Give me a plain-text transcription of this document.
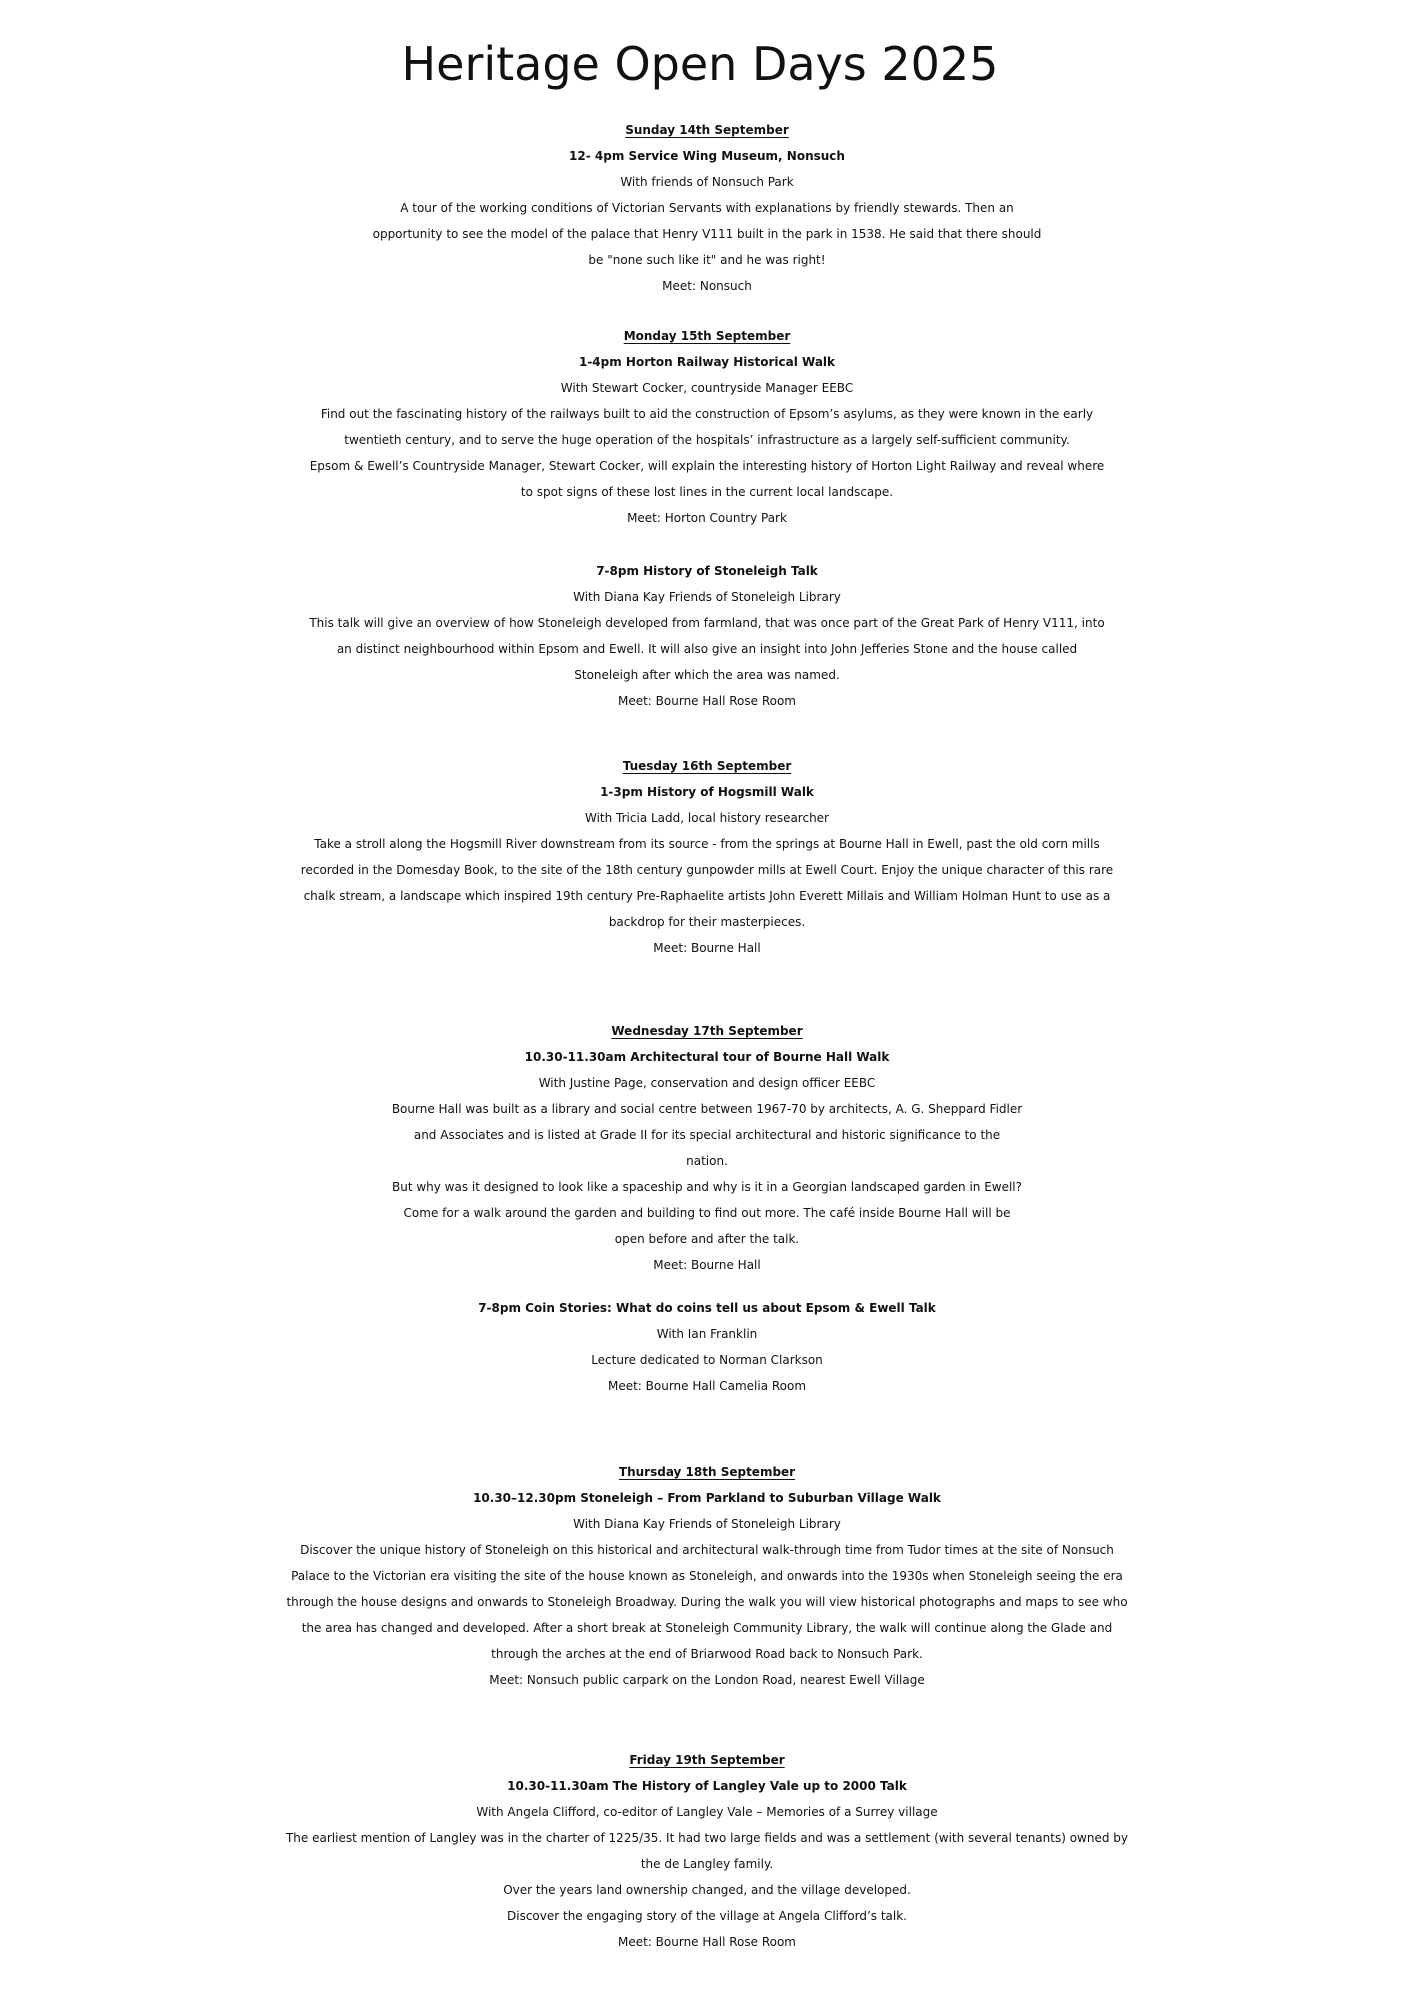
Heritage Open Days 2025
Sunday 14th September
12- 4pm Service Wing Museum, Nonsuch
With friends of Nonsuch Park
A tour of the working conditions of Victorian Servants with explanations by friendly stewards. Then an
opportunity to see the model of the palace that Henry V111 built in the park in 1538. He said that there should
be "none such like it" and he was right!
Meet: Nonsuch
Monday 15th September
1-4pm Horton Railway Historical Walk
With Stewart Cocker, countryside Manager EEBC
Find out the fascinating history of the railways built to aid the construction of Epsom’s asylums, as they were known in the early
twentieth century, and to serve the huge operation of the hospitals’ infrastructure as a largely self-sufficient community.
Epsom & Ewell’s Countryside Manager, Stewart Cocker, will explain the interesting history of Horton Light Railway and reveal where
to spot signs of these lost lines in the current local landscape.
Meet: Horton Country Park
7-8pm History of Stoneleigh Talk
With Diana Kay Friends of Stoneleigh Library
This talk will give an overview of how Stoneleigh developed from farmland, that was once part of the Great Park of Henry V111, into
an distinct neighbourhood within Epsom and Ewell. It will also give an insight into John Jefferies Stone and the house called
Stoneleigh after which the area was named.
Meet: Bourne Hall Rose Room
Tuesday 16th September
1-3pm History of Hogsmill Walk
With Tricia Ladd, local history researcher
Take a stroll along the Hogsmill River downstream from its source - from the springs at Bourne Hall in Ewell, past the old corn mills
recorded in the Domesday Book, to the site of the 18th century gunpowder mills at Ewell Court. Enjoy the unique character of this rare
chalk stream, a landscape which inspired 19th century Pre-Raphaelite artists John Everett Millais and William Holman Hunt to use as a
backdrop for their masterpieces.
Meet: Bourne Hall
Wednesday 17th September
10.30-11.30am Architectural tour of Bourne Hall Walk
With Justine Page, conservation and design officer EEBC
Bourne Hall was built as a library and social centre between 1967-70 by architects, A. G. Sheppard Fidler
and Associates and is listed at Grade II for its special architectural and historic significance to the
nation.
But why was it designed to look like a spaceship and why is it in a Georgian landscaped garden in Ewell?
Come for a walk around the garden and building to find out more. The café inside Bourne Hall will be
open before and after the talk.
Meet: Bourne Hall
7-8pm Coin Stories: What do coins tell us about Epsom & Ewell Talk
With Ian Franklin
Lecture dedicated to Norman Clarkson
Meet: Bourne Hall Camelia Room
Thursday 18th September
10.30–12.30pm Stoneleigh – From Parkland to Suburban Village Walk
With Diana Kay Friends of Stoneleigh Library
Discover the unique history of Stoneleigh on this historical and architectural walk-through time from Tudor times at the site of Nonsuch
Palace to the Victorian era visiting the site of the house known as Stoneleigh, and onwards into the 1930s when Stoneleigh seeing the era
through the house designs and onwards to Stoneleigh Broadway. During the walk you will view historical photographs and maps to see who
the area has changed and developed. After a short break at Stoneleigh Community Library, the walk will continue along the Glade and
through the arches at the end of Briarwood Road back to Nonsuch Park.
Meet: Nonsuch public carpark on the London Road, nearest Ewell Village
Friday 19th September
10.30-11.30am The History of Langley Vale up to 2000 Talk
With Angela Clifford, co-editor of Langley Vale – Memories of a Surrey village
The earliest mention of Langley was in the charter of 1225/35. It had two large fields and was a settlement (with several tenants) owned by
the de Langley family.
Over the years land ownership changed, and the village developed.
Discover the engaging story of the village at Angela Clifford’s talk.
Meet: Bourne Hall Rose Room
